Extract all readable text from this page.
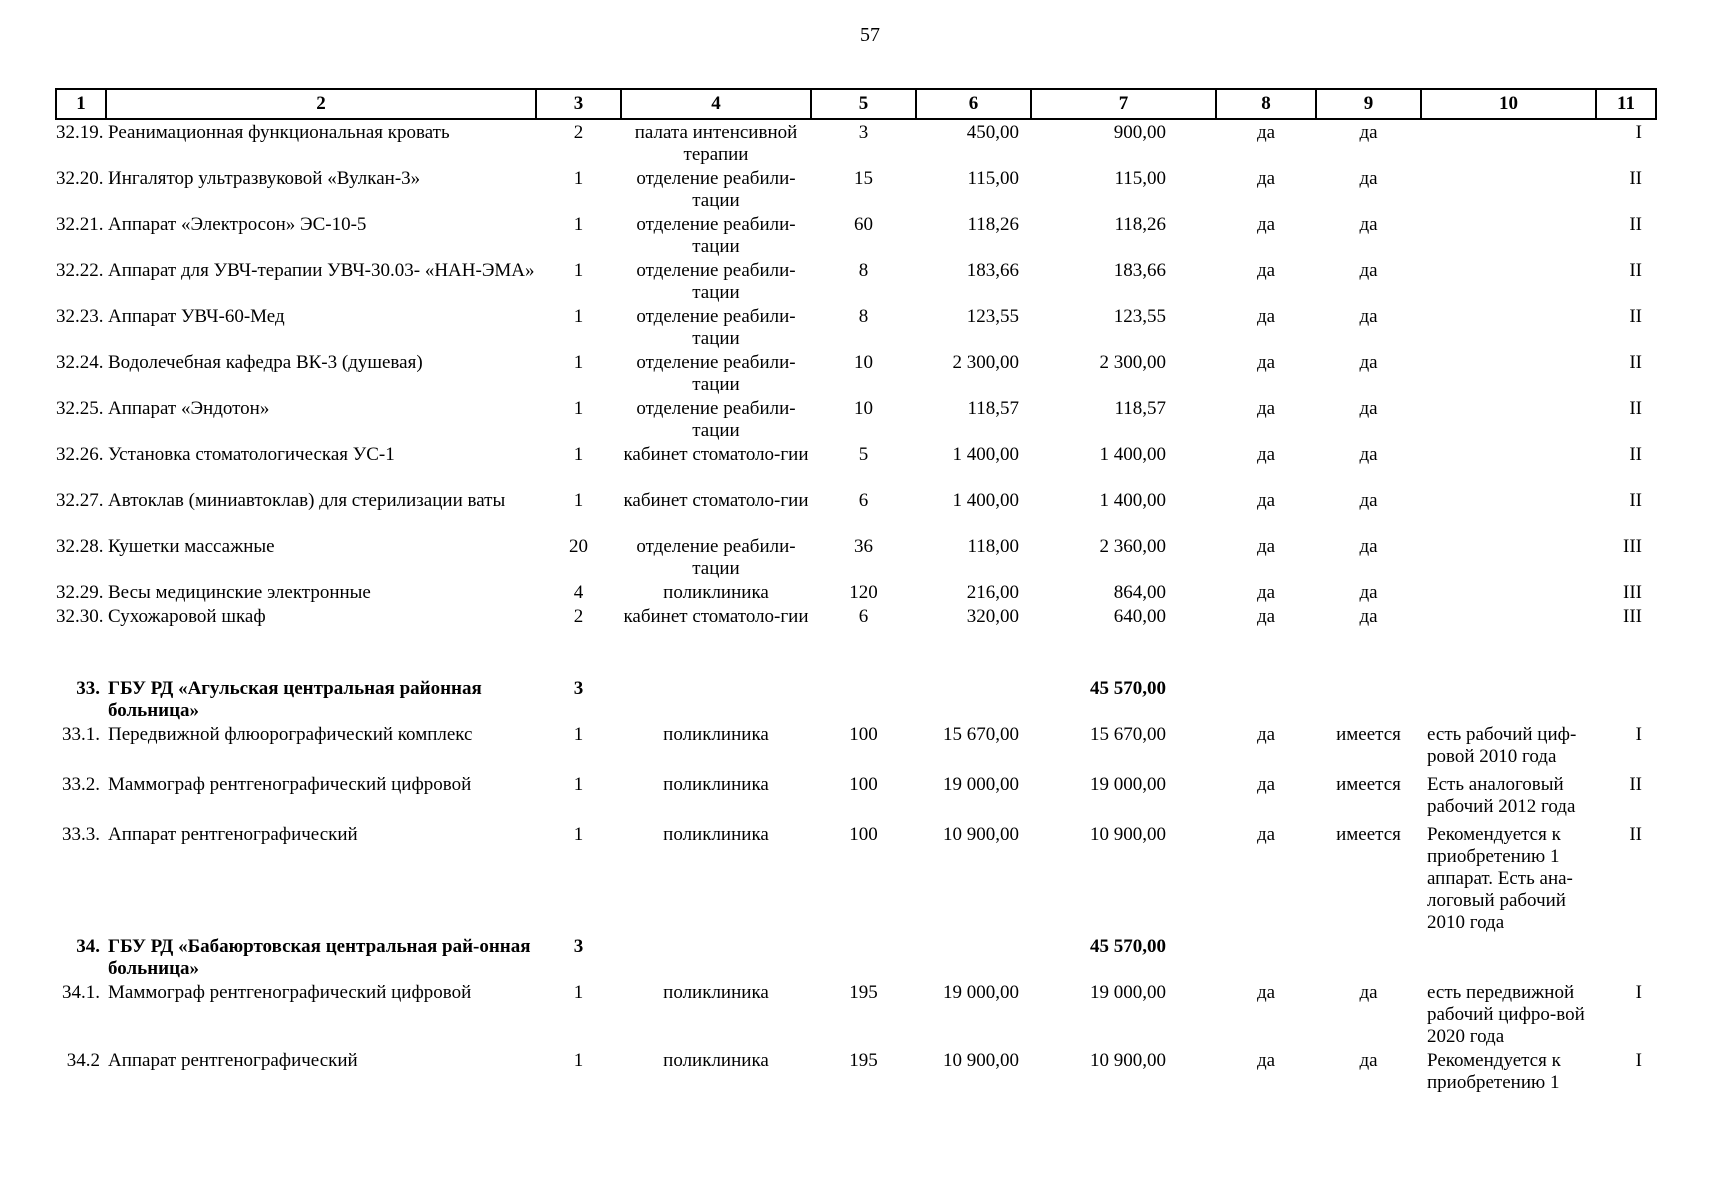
57
1	2	3	4	5	6	7	8	9	10	11
32.19.	Реанимационная функциональная кровать	2	палата интенсивной терапии	3	450,00	900,00	да	да		I
32.20.	Ингалятор ультразвуковой «Вулкан-3»	1	отделение реабили-тации	15	115,00	115,00	да	да		II
32.21.	Аппарат «Электросон» ЭС-10-5	1	отделение реабили-тации	60	118,26	118,26	да	да		II
32.22.	Аппарат для УВЧ-терапии УВЧ-30.03- «НАН-ЭМА»	1	отделение реабили-тации	8	183,66	183,66	да	да		II
32.23.	Аппарат УВЧ-60-Мед	1	отделение реабили-тации	8	123,55	123,55	да	да		II
32.24.	Водолечебная кафедра ВК-3 (душевая)	1	отделение реабили-тации	10	2 300,00	2 300,00	да	да		II
32.25.	Аппарат «Эндотон»	1	отделение реабили-тации	10	118,57	118,57	да	да		II
32.26.	Установка стоматологическая УС-1	1	кабинет стоматоло-гии	5	1 400,00	1 400,00	да	да		II
32.27.	Автоклав (миниавтоклав) для стерилизации ваты	1	кабинет стоматоло-гии	6	1 400,00	1 400,00	да	да		II
32.28.	Кушетки массажные	20	отделение реабили-тации	36	118,00	2 360,00	да	да		III
32.29.	Весы медицинские электронные	4	поликлиника	120	216,00	864,00	да	да		III
32.30.	Сухожаровой шкаф	2	кабинет стоматоло-гии	6	320,00	640,00	да	да		III

33.	ГБУ РД «Агульская центральная районная больница»	3				45 570,00				
33.1.	Передвижной флюорографический комплекс	1	поликлиника	100	15 670,00	15 670,00	да	имеется	есть рабочий циф-ровой 2010 года	I
33.2.	Маммограф рентгенографический цифровой	1	поликлиника	100	19 000,00	19 000,00	да	имеется	Есть аналоговый рабочий 2012 года	II
33.3.	Аппарат рентгенографический	1	поликлиника	100	10 900,00	10 900,00	да	имеется	Рекомендуется к приобретению 1 аппарат. Есть ана-логовый рабочий 2010 года	II
34.	ГБУ РД «Бабаюртовская центральная рай-онная больница»	3				45 570,00				
34.1.	Маммограф рентгенографический цифровой	1	поликлиника	195	19 000,00	19 000,00	да	да	есть передвижной рабочий цифро-вой 2020 года	I
34.2	Аппарат рентгенографический	1	поликлиника	195	10 900,00	10 900,00	да	да	Рекомендуется к приобретению 1	I
